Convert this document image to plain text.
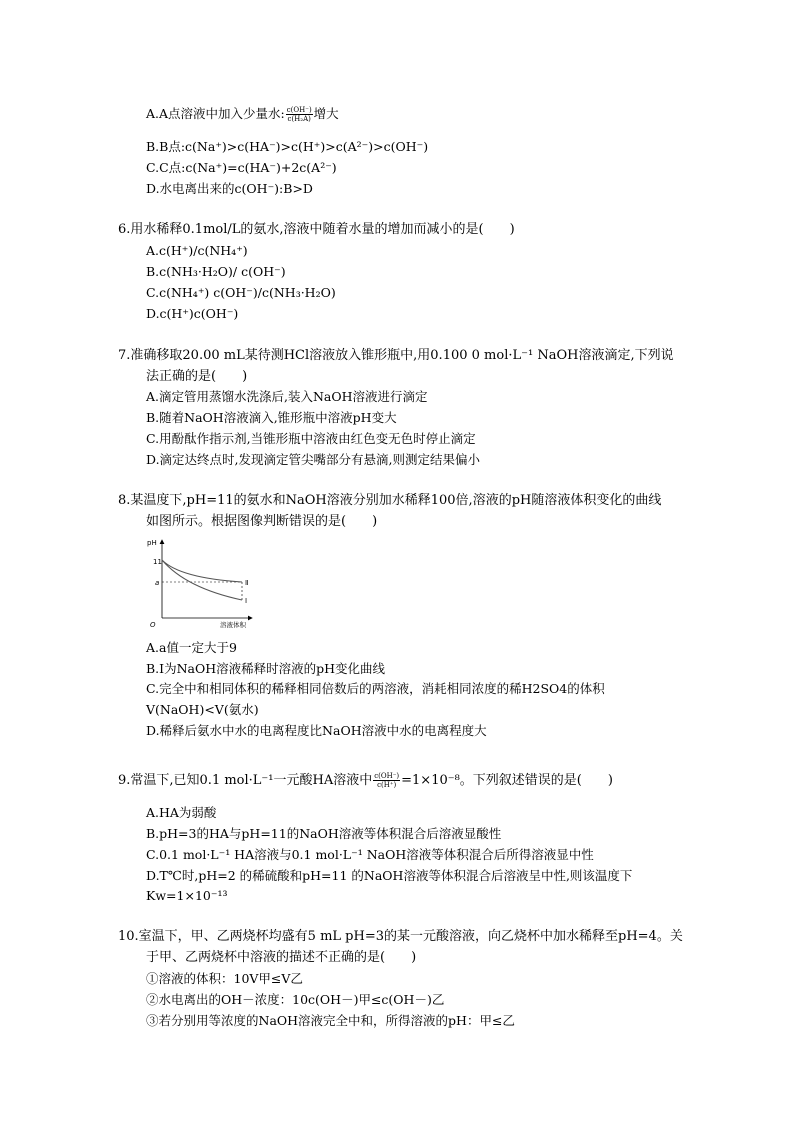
A.A点溶液中加入少量水: $\frac{c(OH^-)}{\text{c(H₂A)}}$ 增大
B.B点:c(Na⁺)>c(HA⁻)>c(H⁺)>c(A²⁻)>c(OH⁻)
C.C点:c(Na⁺)=c(HA⁻)+2c(A²⁻)
D.水电离出来的c(OH⁻):B>D
6.用水稀释0.1mol/L的氨水,溶液中随着水量的增加而减小的是(　　)
A.c(H⁺)/c(NH₄⁺)
B.c(NH₃·H₂O)/ c(OH⁻)
C.c(NH₄⁺) c(OH⁻)/c(NH₃·H₂O)
D.c(H⁺)c(OH⁻)
7.准确移取20.00 mL某待测HCl溶液放入锥形瓶中,用0.100 0 mol·L⁻¹ NaOH溶液滴定,下列说
法正确的是(　　)
A.滴定管用蒸馏水洗涤后,装入NaOH溶液进行滴定
B.随着NaOH溶液滴入,锥形瓶中溶液pH变大
C.用酚酞作指示剂,当锥形瓶中溶液由红色变无色时停止滴定
D.滴定达终点时,发现滴定管尖嘴部分有悬滴,则测定结果偏小
8.某温度下,pH=11的氨水和NaOH溶液分别加水稀释100倍,溶液的pH随溶液体积变化的曲线
如图所示。根据图像判断错误的是(　　)
pH
11
a
O	溶液体积
Ⅱ
Ⅰ
A.a值一定大于9
B.Ⅰ为NaOH溶液稀释时溶液的pH变化曲线
C.完全中和相同体积的稀释相同倍数后的两溶液，消耗相同浓度的稀H2SO4的体积
V(NaOH)<V(氨水)
D.稀释后氨水中水的电离程度比NaOH溶液中水的电离程度大
9.常温下,已知0.1 mol·L⁻¹一元酸HA溶液中 $\frac{c(OH^-)}{c(H^+)} =1\times 10^{-8}$。下列叙述错误的是(　　)
A.HA为弱酸
B.pH=3的HA与pH=11的NaOH溶液等体积混合后溶液显酸性
C.0.1 mol·L⁻¹ HA溶液与0.1 mol·L⁻¹ NaOH溶液等体积混合后所得溶液显中性
D.T℃时,pH=2 的稀硫酸和pH=11 的NaOH溶液等体积混合后溶液呈中性,则该温度下
Kw=1×10⁻¹³
10.室温下，甲、乙两烧杯均盛有5 mL pH=3的某一元酸溶液，向乙烧杯中加水稀释至pH=4。关
于甲、乙两烧杯中溶液的描述不正确的是(　　)
①溶液的体积：10V甲≤V乙
②水电离出的OH－浓度：10c(OH－)甲≤c(OH－)乙
③若分别用等浓度的NaOH溶液完全中和，所得溶液的pH：甲≤乙
